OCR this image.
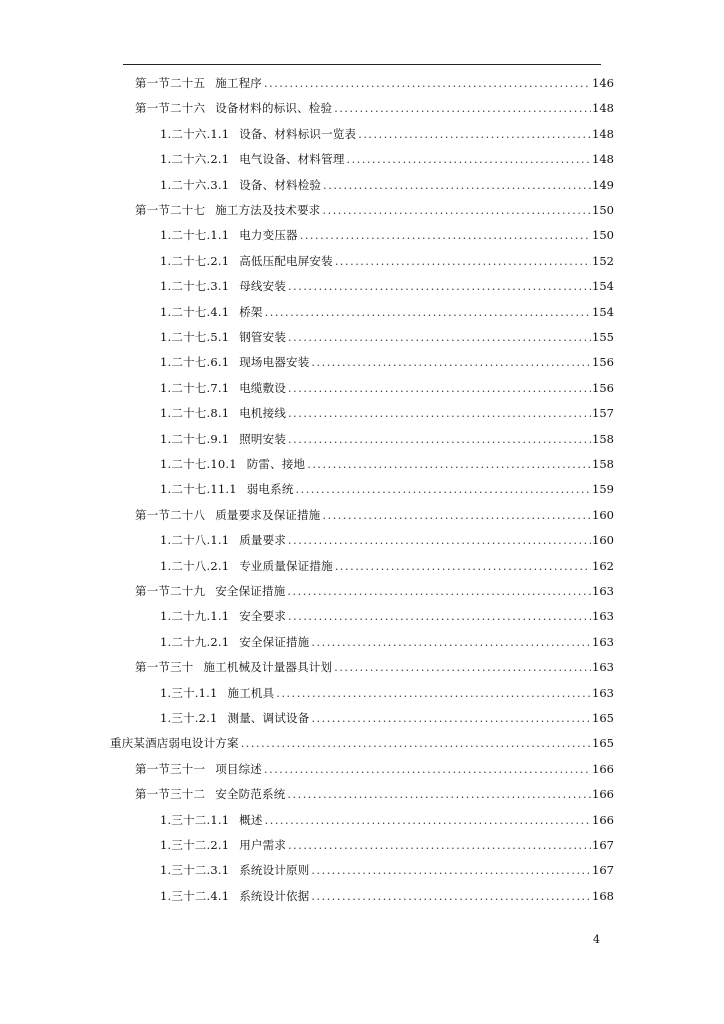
第一节二十五 施工程序 .....	146
第一节二十六 设备材料的标识、检验 .....	148
1.二十六.1.1 设备、材料标识一览表 .....	148
1.二十六.2.1 电气设备、材料管理 .....	148
1.二十六.3.1 设备、材料检验 .....	149
第一节二十七 施工方法及技术要求 .....	150
1.二十七.1.1 电力变压器 .....	150
1.二十七.2.1 高低压配电屏安装 .....	152
1.二十七.3.1 母线安装 .....	154
1.二十七.4.1 桥架 .....	154
1.二十七.5.1 钢管安装 .....	155
1.二十七.6.1 现场电器安装 .....	156
1.二十七.7.1 电缆敷设 .....	156
1.二十七.8.1 电机接线 .....	157
1.二十七.9.1 照明安装 .....	158
1.二十七.10.1 防雷、接地 .....	158
1.二十七.11.1 弱电系统 .....	159
第一节二十八 质量要求及保证措施 .....	160
1.二十八.1.1 质量要求 .....	160
1.二十八.2.1 专业质量保证措施 .....	162
第一节二十九 安全保证措施 .....	163
1.二十九.1.1 安全要求 .....	163
1.二十九.2.1 安全保证措施 .....	163
第一节三十 施工机械及计量器具计划 .....	163
1.三十.1.1 施工机具 .....	163
1.三十.2.1 测量、调试设备 .....	165
重庆某酒店弱电设计方案 .....	165
第一节三十一 项目综述 .....	166
第一节三十二 安全防范系统 .....	166
1.三十二.1.1 概述 .....	166
1.三十二.2.1 用户需求 .....	167
1.三十二.3.1 系统设计原则 .....	167
1.三十二.4.1 系统设计依据 .....	168
4
